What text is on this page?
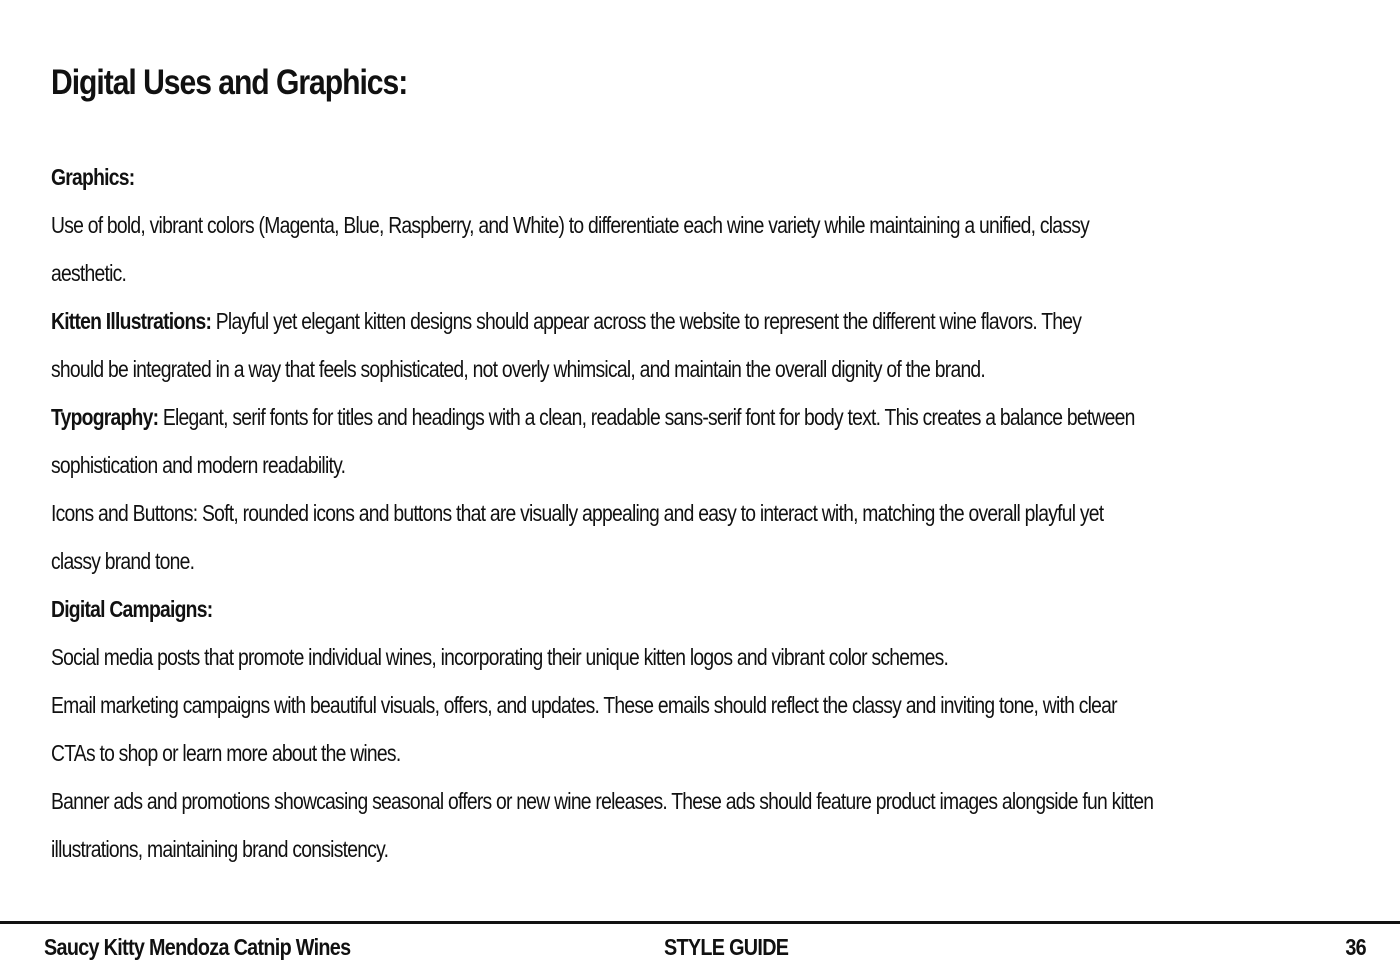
Digital Uses and Graphics:
Graphics:
Use of bold, vibrant colors (Magenta, Blue, Raspberry, and White) to differentiate each wine variety while maintaining a unified, classy
aesthetic.
Kitten Illustrations: Playful yet elegant kitten designs should appear across the website to represent the different wine flavors. They
should be integrated in a way that feels sophisticated, not overly whimsical, and maintain the overall dignity of the brand.
Typography: Elegant, serif fonts for titles and headings with a clean, readable sans-serif font for body text. This creates a balance between
sophistication and modern readability.
Icons and Buttons: Soft, rounded icons and buttons that are visually appealing and easy to interact with, matching the overall playful yet
classy brand tone.
Digital Campaigns:
Social media posts that promote individual wines, incorporating their unique kitten logos and vibrant color schemes.
Email marketing campaigns with beautiful visuals, offers, and updates. These emails should reflect the classy and inviting tone, with clear
CTAs to shop or learn more about the wines.
Banner ads and promotions showcasing seasonal offers or new wine releases. These ads should feature product images alongside fun kitten
illustrations, maintaining brand consistency.
Saucy Kitty Mendoza Catnip Wines	STYLE GUIDE	36
